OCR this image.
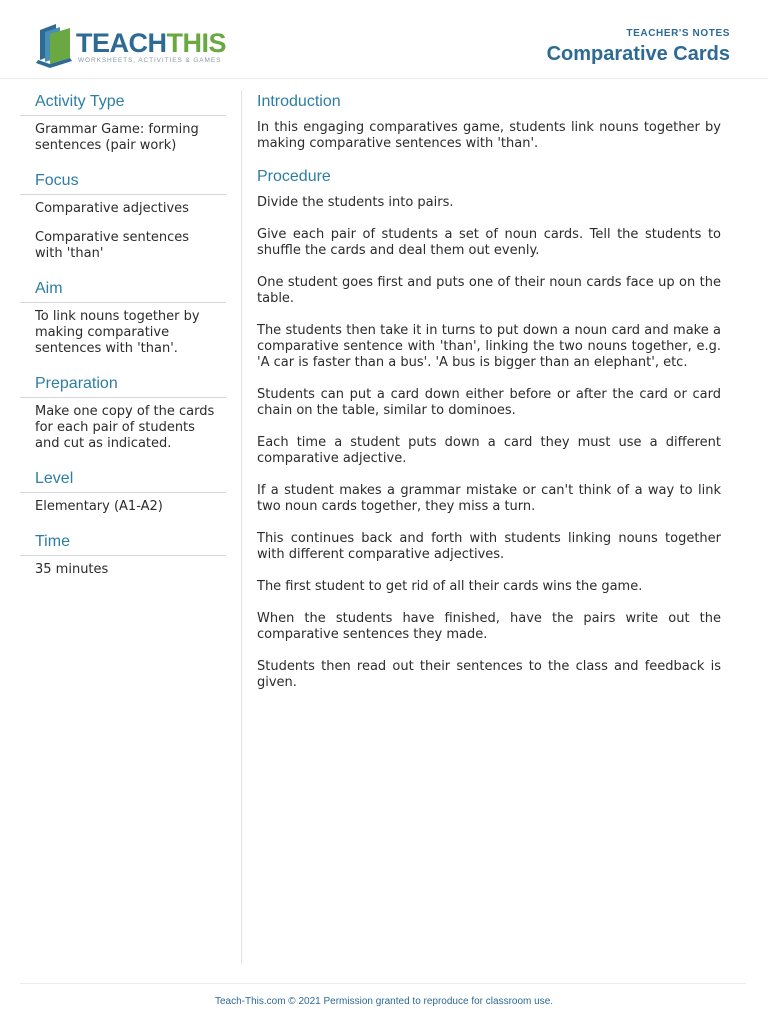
TEACHTHIS
WORKSHEETS, ACTIVITIES & GAMES
TEACHER'S NOTES
Comparative Cards
Activity Type
Grammar Game: forming sentences (pair work)
Focus
Comparative adjectives
Comparative sentences with 'than'
Aim
To link nouns together by making comparative sentences with 'than'.
Preparation
Make one copy of the cards for each pair of students and cut as indicated.
Level
Elementary (A1-A2)
Time
35 minutes
Introduction

In this engaging comparatives game, students link nouns together by making comparative sentences with 'than'.

Procedure

Divide the students into pairs.

Give each pair of students a set of noun cards. Tell the students to shuffle the cards and deal them out evenly.

One student goes first and puts one of their noun cards face up on the table.

The students then take it in turns to put down a noun card and make a comparative sentence with 'than', linking the two nouns together, e.g. 'A car is faster than a bus'. 'A bus is bigger than an elephant', etc.

Students can put a card down either before or after the card or card chain on the table, similar to dominoes.

Each time a student puts down a card they must use a different comparative adjective.

If a student makes a grammar mistake or can't think of a way to link two noun cards together, they miss a turn.

This continues back and forth with students linking nouns together with different comparative adjectives.

The first student to get rid of all their cards wins the game.

When the students have finished, have the pairs write out the comparative sentences they made.

Students then read out their sentences to the class and feedback is given.

Teach-This.com © 2021 Permission granted to reproduce for classroom use.
